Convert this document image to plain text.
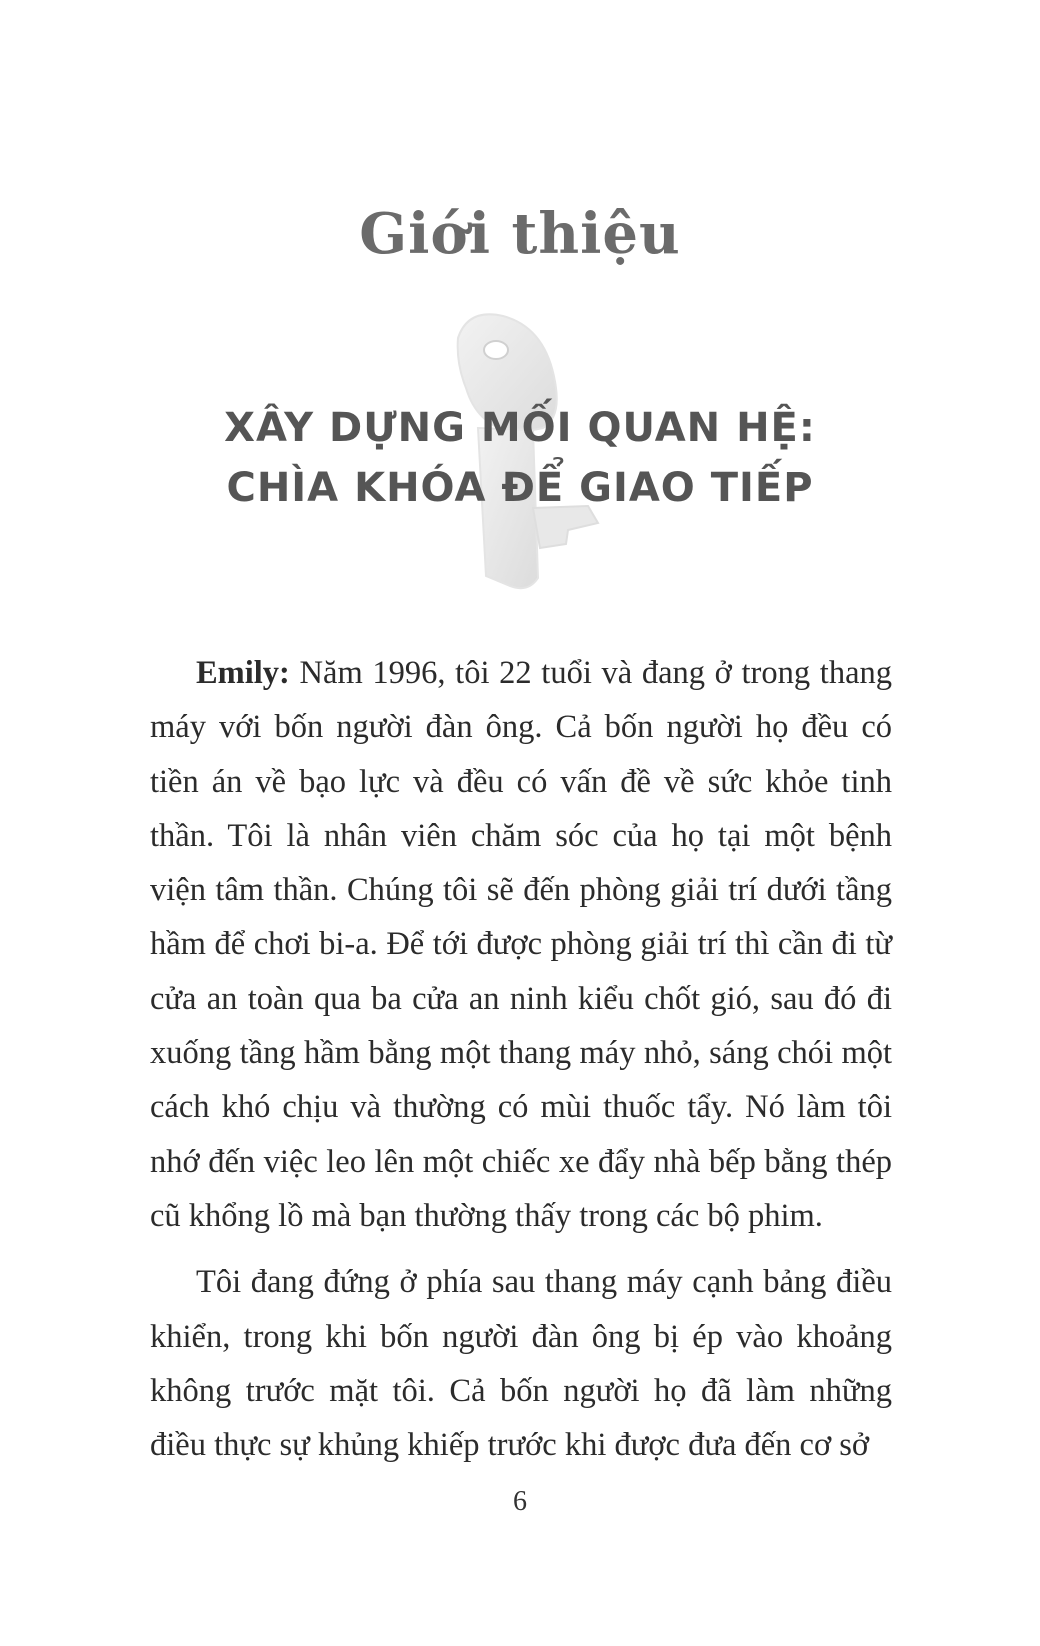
Giới thiệu
XÂY DỰNG MỐI QUAN HỆ:
CHÌA KHÓA ĐỂ GIAO TIẾP

Emily: Năm 1996, tôi 22 tuổi và đang ở trong thang máy với bốn người đàn ông. Cả bốn người họ đều có tiền án về bạo lực và đều có vấn đề về sức khỏe tinh thần. Tôi là nhân viên chăm sóc của họ tại một bệnh viện tâm thần. Chúng tôi sẽ đến phòng giải trí dưới tầng hầm để chơi bi-a. Để tới được phòng giải trí thì cần đi từ cửa an toàn qua ba cửa an ninh kiểu chốt gió, sau đó đi xuống tầng hầm bằng một thang máy nhỏ, sáng chói một cách khó chịu và thường có mùi thuốc tẩy. Nó làm tôi nhớ đến việc leo lên một chiếc xe đẩy nhà bếp bằng thép cũ khổng lồ mà bạn thường thấy trong các bộ phim.

Tôi đang đứng ở phía sau thang máy cạnh bảng điều khiển, trong khi bốn người đàn ông bị ép vào khoảng không trước mặt tôi. Cả bốn người họ đã làm những điều thực sự khủng khiếp trước khi được đưa đến cơ sở

6
